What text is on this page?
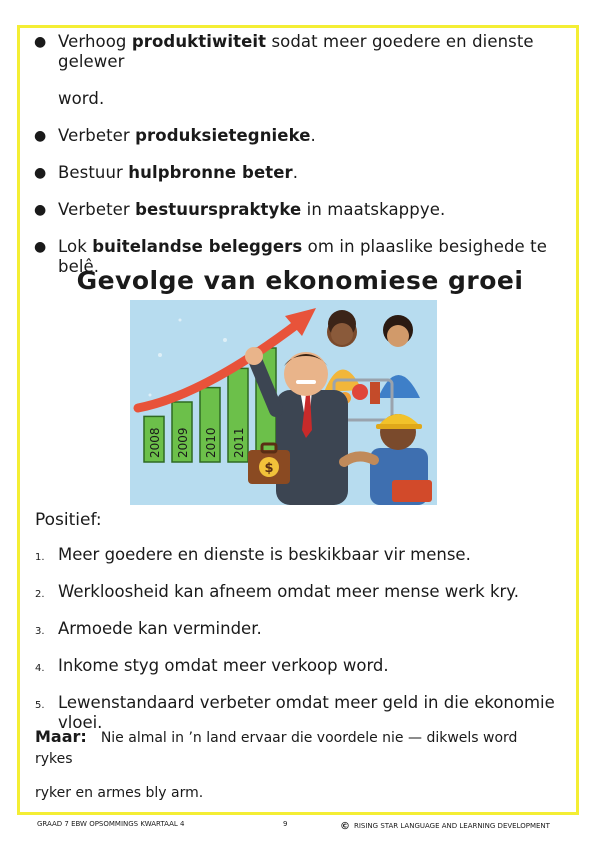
● Verhoog produktiwiteit sodat meer goedere en dienste gelewer
word.
● Verbeter produksietegnieke.
● Bestuur hulpbronne beter.
● Verbeter bestuurspraktyke in maatskappye.
● Lok buitelandse beleggers om in plaaslike besighede te belê.
Gevolge van ekonomiese groei
2008 2009 2010 2011
$
Positief:
1. Meer goedere en dienste is beskikbaar vir mense.
2. Werkloosheid kan afneem omdat meer mense werk kry.
3. Armoede kan verminder.
4. Inkome styg omdat meer verkoop word.
5. Lewenstandaard verbeter omdat meer geld in die ekonomie vloei.
Maar: Nie almal in ’n land ervaar die voordele nie — dikwels word rykes
ryker en armes bly arm.
GRAAD 7 EBW OPSOMMINGS KWARTAAL 4	9	© RISING STAR LANGUAGE AND LEARNING DEVELOPMENT
